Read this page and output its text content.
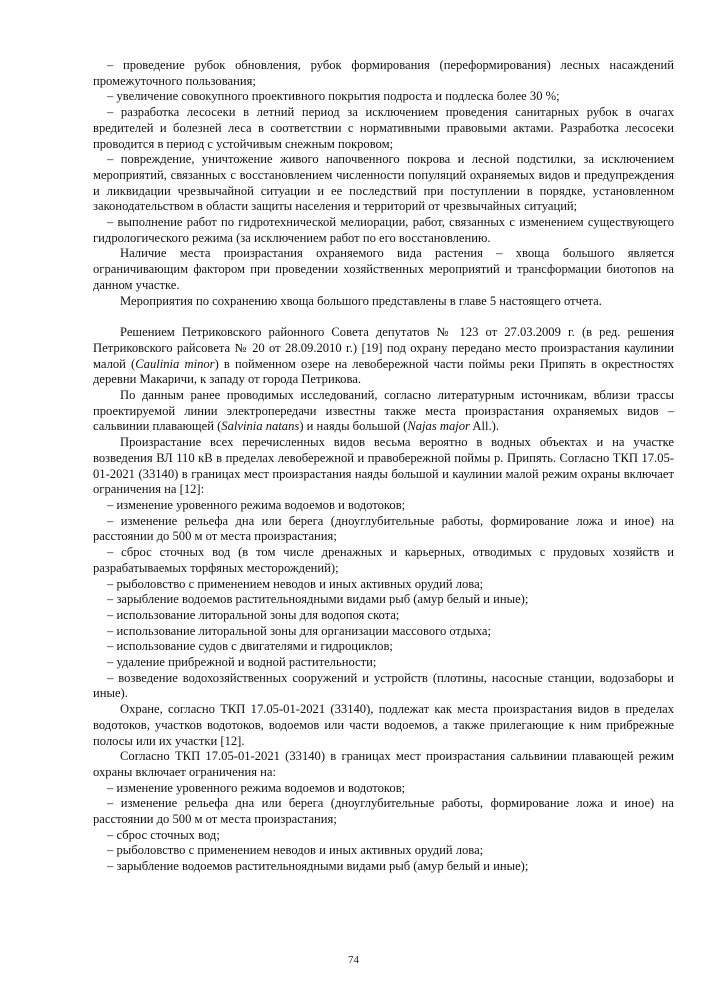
– проведение рубок обновления, рубок формирования (переформирования) лесных насаждений промежуточного пользования;

– увеличение совокупного проективного покрытия подроста и подлеска более 30 %;

– разработка лесосеки в летний период за исключением проведения санитарных рубок в очагах вредителей и болезней леса в соответствии с нормативными правовыми актами. Разработка лесосеки проводится в период с устойчивым снежным покровом;

– повреждение, уничтожение живого напочвенного покрова и лесной подстилки, за исключением мероприятий, связанных с восстановлением численности популяций охраняемых видов и предупреждения и ликвидации чрезвычайной ситуации и ее последствий при поступлении в порядке, установленном законодательством в области защиты населения и территорий от чрезвычайных ситуаций;

– выполнение работ по гидротехнической мелиорации, работ, связанных с изменением существующего гидрологического режима (за исключением работ по его восстановлению.

Наличие места произрастания охраняемого вида растения – хвоща большого является ограничивающим фактором при проведении хозяйственных мероприятий и трансформации биотопов на данном участке.

Мероприятия по сохранению хвоща большого представлены в главе 5 настоящего отчета.

Решением Петриковского районного Совета депутатов № 123 от 27.03.2009 г. (в ред. решения Петриковского райсовета № 20 от 28.09.2010 г.) [19] под охрану передано место произрастания каулинии малой (Caulinia minor) в пойменном озере на левобережной части поймы реки Припять в окрестностях деревни Макаричи, к западу от города Петрикова.

По данным ранее проводимых исследований, согласно литературным источникам, вблизи трассы проектируемой линии электропередачи известны также места произрастания охраняемых видов – сальвинии плавающей (Salvinia natans) и наяды большой (Najas major All.).

Произрастание всех перечисленных видов весьма вероятно в водных объектах и на участке возведения ВЛ 110 кВ в пределах левобережной и правобережной поймы р. Припять. Согласно ТКП 17.05-01-2021 (33140) в границах мест произрастания наяды большой и каулинии малой режим охраны включает ограничения на [12]:

– изменение уровенного режима водоемов и водотоков;

– изменение рельефа дна или берега (дноуглубительные работы, формирование ложа и иное) на расстоянии до 500 м от места произрастания;

– сброс сточных вод (в том числе дренажных и карьерных, отводимых с прудовых хозяйств и разрабатываемых торфяных месторождений);

– рыболовство с применением неводов и иных активных орудий лова;

– зарыбление водоемов растительноядными видами рыб (амур белый и иные);

– использование литоральной зоны для водопоя скота;

– использование литоральной зоны для организации массового отдыха;

– использование судов с двигателями и гидроциклов;

– удаление прибрежной и водной растительности;

– возведение водохозяйственных сооружений и устройств (плотины, насосные станции, водозаборы и иные).

Охране, согласно ТКП 17.05-01-2021 (33140), подлежат как места произрастания видов в пределах водотоков, участков водотоков, водоемов или части водоемов, а также прилегающие к ним прибрежные полосы или их участки [12].

Согласно ТКП 17.05-01-2021 (33140) в границах мест произрастания сальвинии плавающей режим охраны включает ограничения на:

– изменение уровенного режима водоемов и водотоков;

– изменение рельефа дна или берега (дноуглубительные работы, формирование ложа и иное) на расстоянии до 500 м от места произрастания;

– сброс сточных вод;

– рыболовство с применением неводов и иных активных орудий лова;

– зарыбление водоемов растительноядными видами рыб (амур белый и иные);

74
